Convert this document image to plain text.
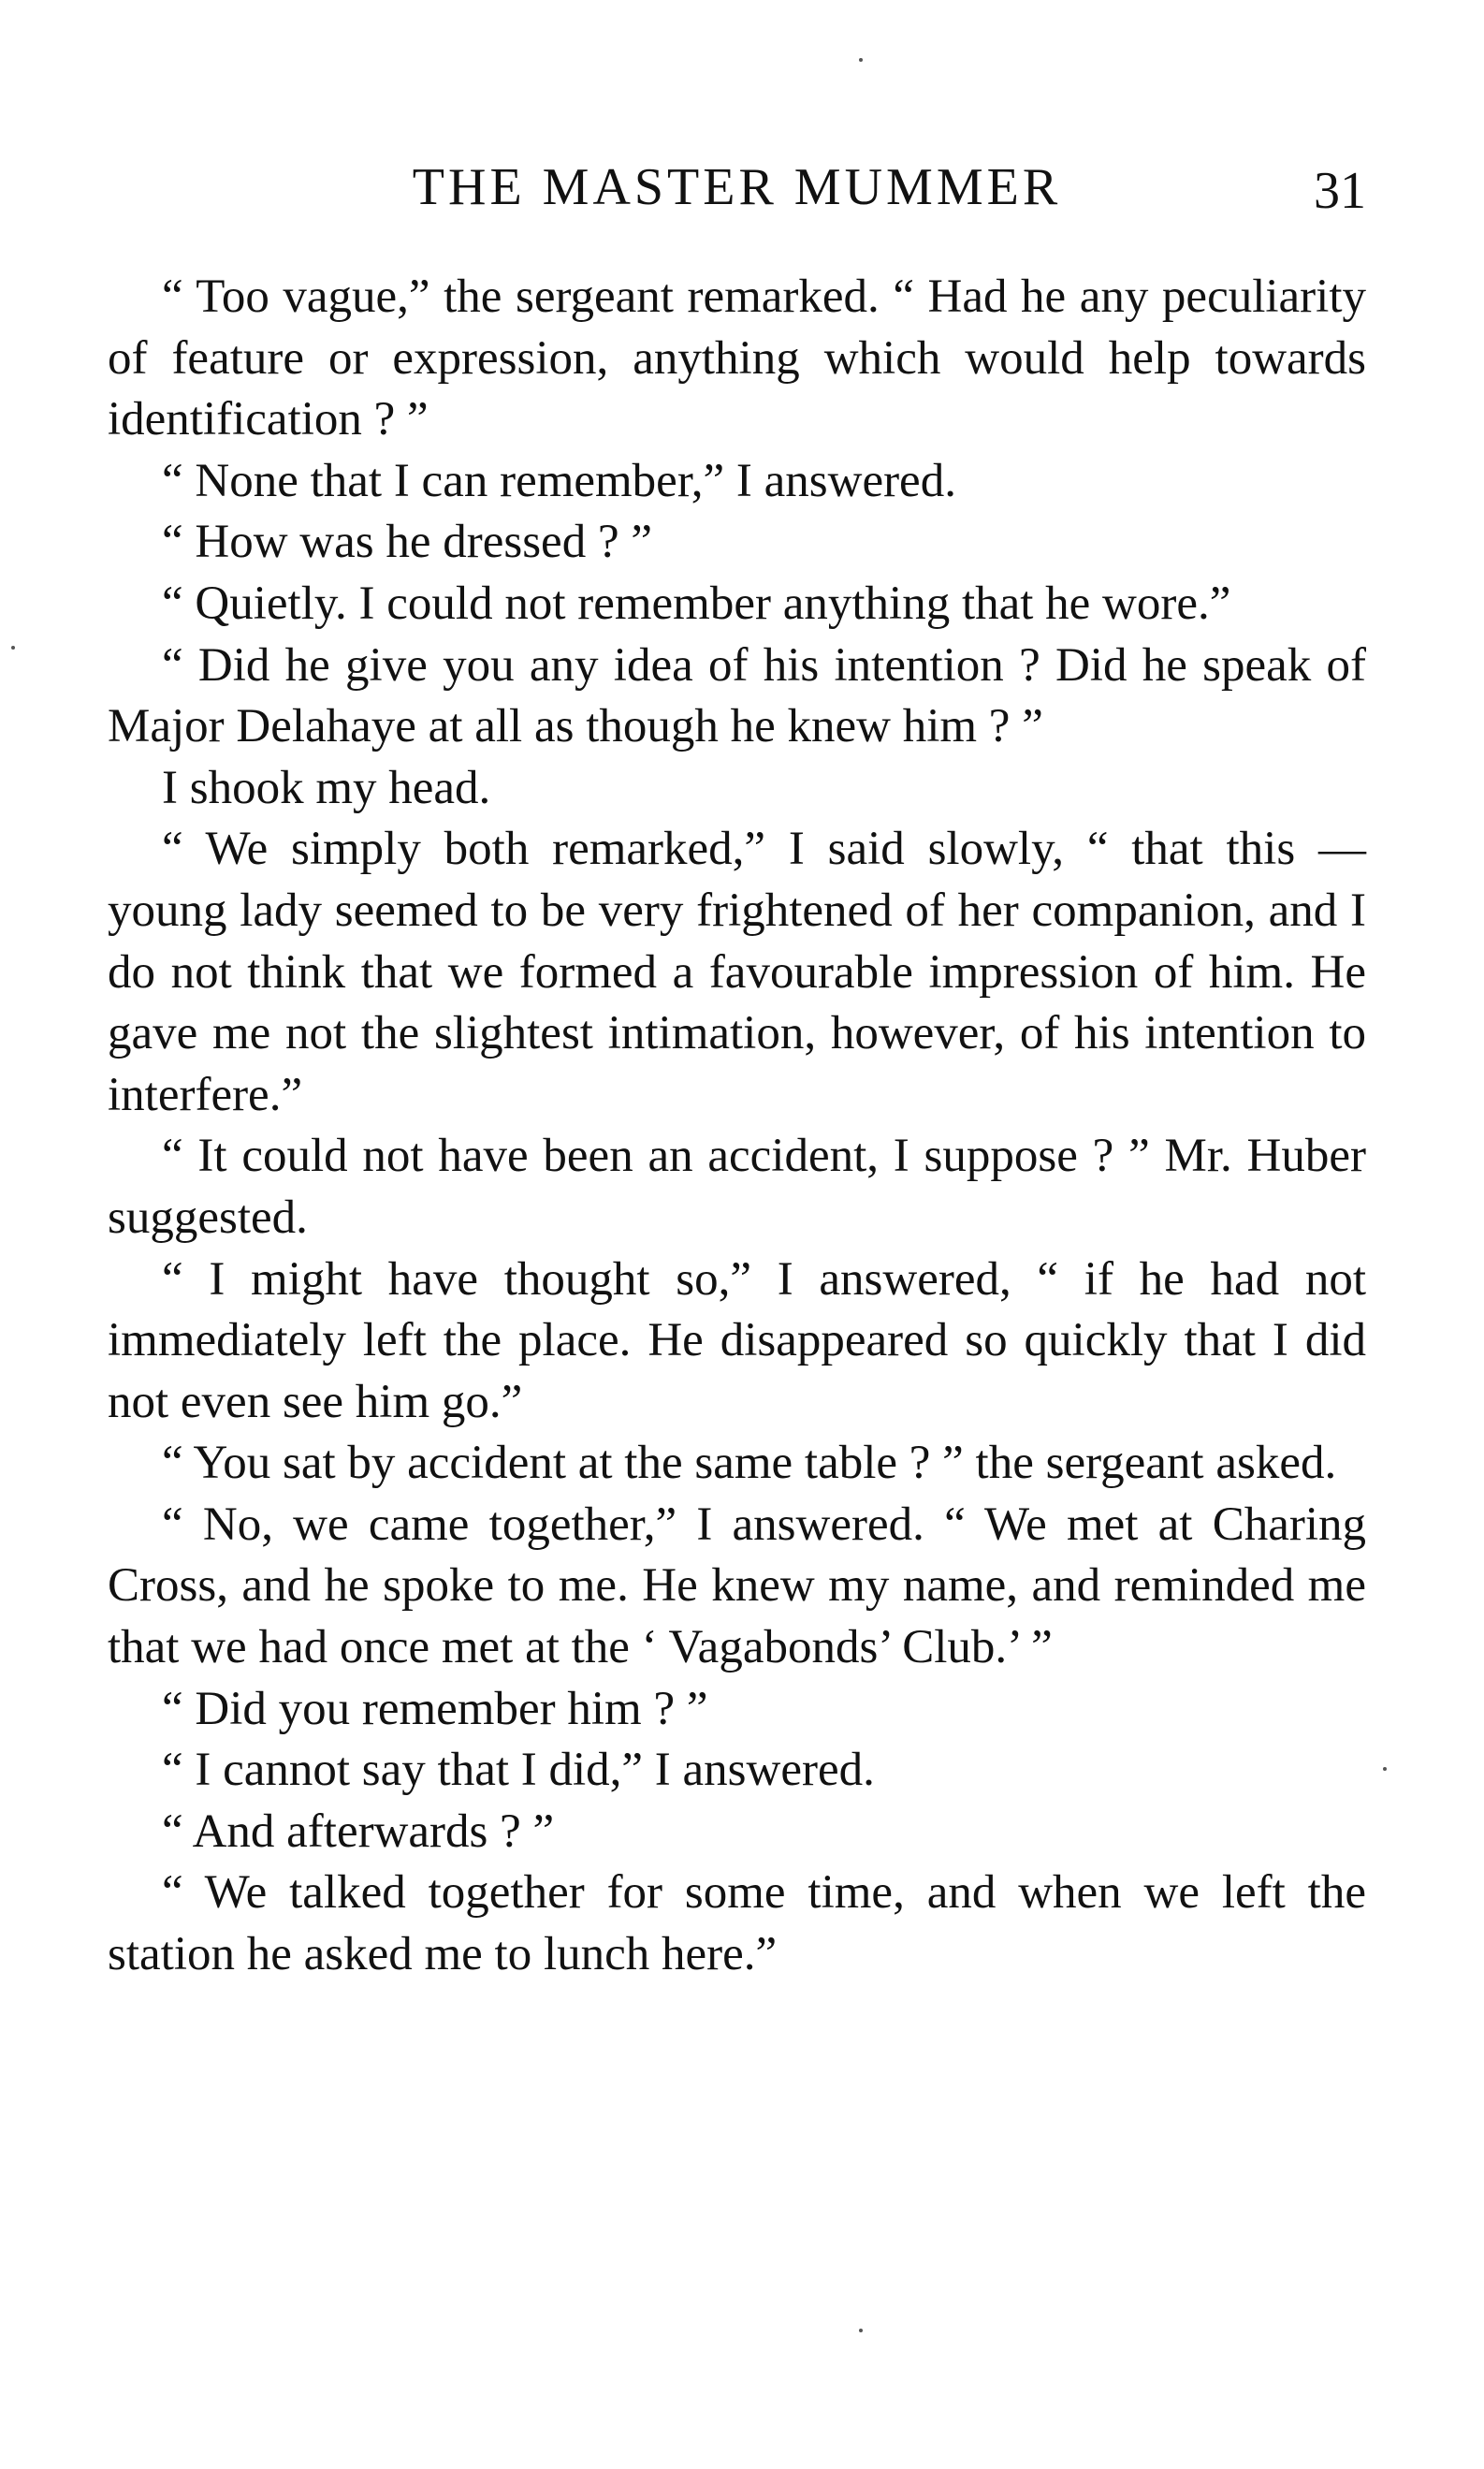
THE MASTER MUMMER	31

“ Too vague,” the sergeant remarked. “ Had he any peculiarity of feature or expression, anything which would help towards identification ? ”

“ None that I can remember,” I answered.

“ How was he dressed ? ”

“ Quietly. I could not remember anything that he wore.”

“ Did he give you any idea of his intention ? Did he speak of Major Delahaye at all as though he knew him ? ”

I shook my head.

“ We simply both remarked,” I said slowly, “ that this — young lady seemed to be very frightened of her companion, and I do not think that we formed a favourable impression of him. He gave me not the slightest intimation, however, of his intention to interfere.”

“ It could not have been an accident, I suppose ? ” Mr. Huber suggested.

“ I might have thought so,” I answered, “ if he had not immediately left the place. He disappeared so quickly that I did not even see him go.”

“ You sat by accident at the same table ? ” the sergeant asked.

“ No, we came together,” I answered. “ We met at Charing Cross, and he spoke to me. He knew my name, and reminded me that we had once met at the ‘ Vagabonds’ Club.’ ”

“ Did you remember him ? ”

“ I cannot say that I did,” I answered.

“ And afterwards ? ”

“ We talked together for some time, and when we left the station he asked me to lunch here.”
